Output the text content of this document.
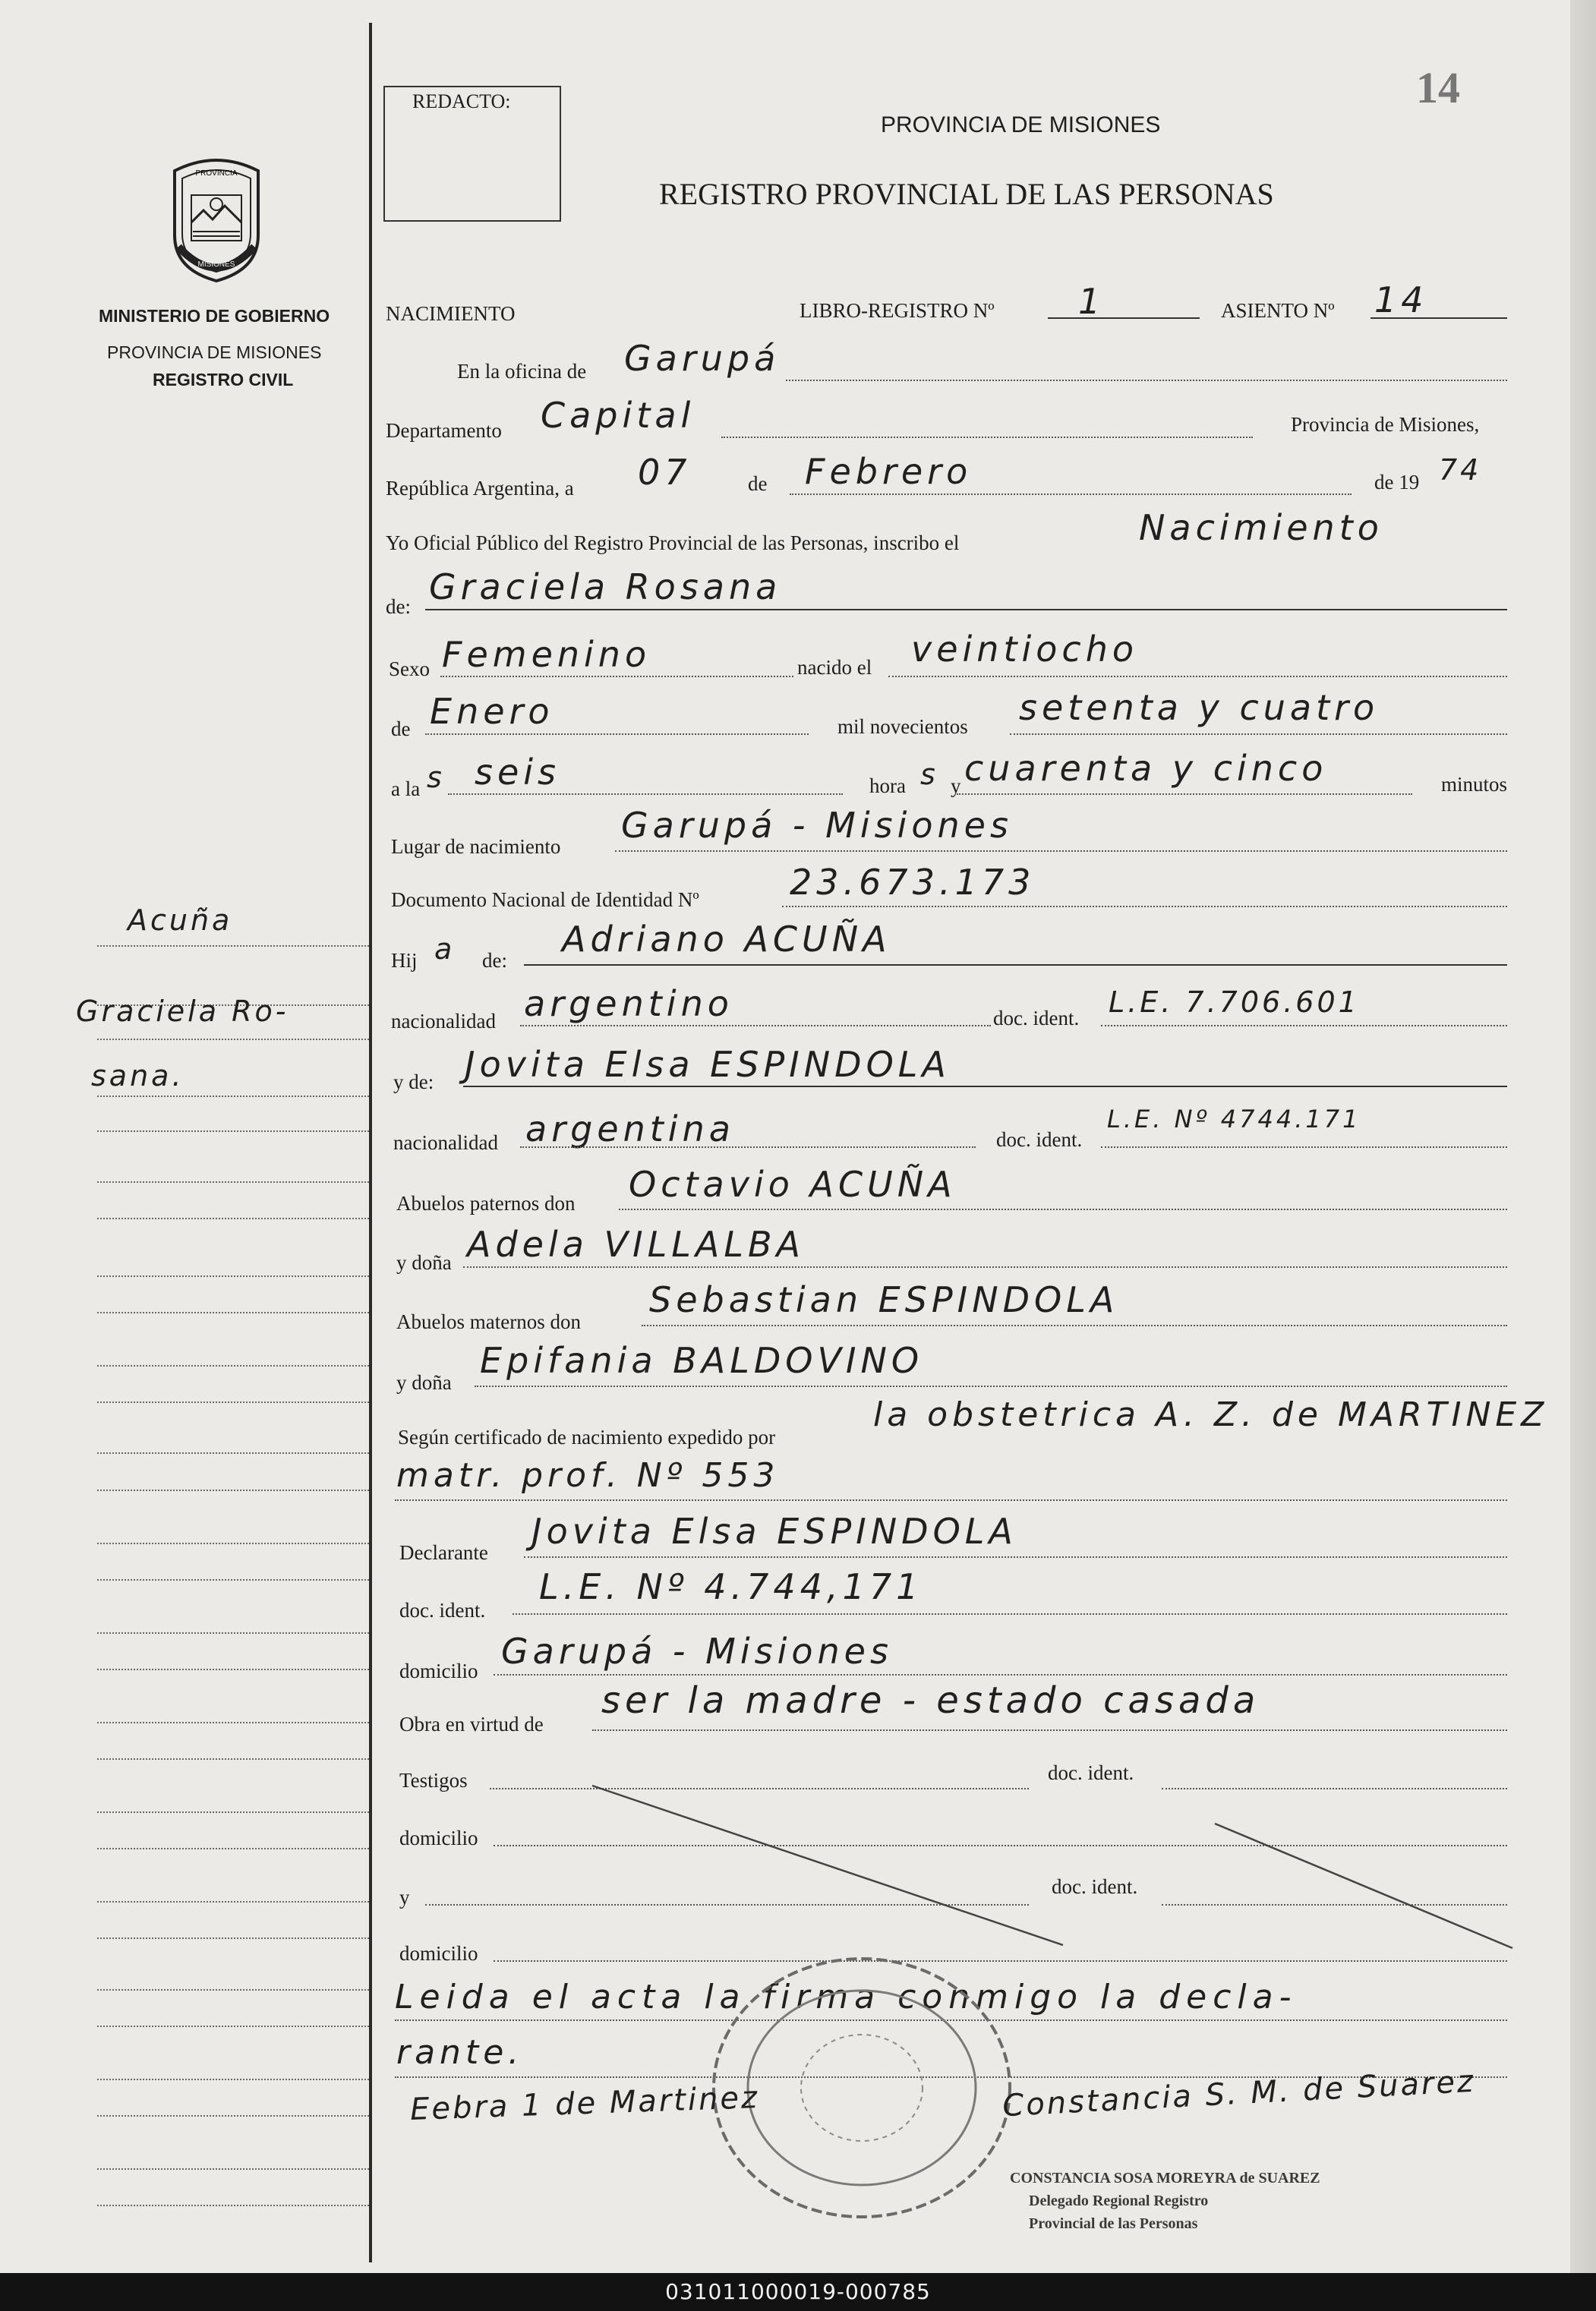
14
REDACTO:
PROVINCIA DE MISIONES
REGISTRO PROVINCIAL DE LAS PERSONAS
PROVINCIA
MISIONES
MINISTERIO DE GOBIERNO
PROVINCIA DE MISIONES
REGISTRO CIVIL
Acuña
Graciela Ro-
sana.
NACIMIENTO	LIBRO-REGISTRO Nº 1	ASIENTO Nº 14
En la oficina de Garupá
Departamento Capital	Provincia de Misiones,
República Argentina, a 07	de Febrero	de 19 74
Yo Oficial Público del Registro Provincial de las Personas, inscribo el	Nacimiento
de: Graciela Rosana
Sexo Femenino	nacido el veintiocho
de Enero	mil novecientos setenta y cuatro
a la s seis	hora s y cuarenta y cinco	minutos
Lugar de nacimiento
Garupá - Misiones
Documento Nacional de Identidad Nº	23.673.173
Hij a de:
Adriano ACUÑA
nacionalidad argentino	doc. ident. L.E. 7.706.601
y de: Jovita Elsa ESPINDOLA
nacionalidad argentina	doc. ident.
L.E. Nº 4744.171
Abuelos paternos don Octavio ACUÑA
y doña Adela VILLALBA
Abuelos maternos don
Sebastian ESPINDOLA
y doña
Epifania BALDOVINO
Según certificado de nacimiento expedido por
la obstetrica A. Z. de MARTINEZ
matr. prof. Nº 553
Declarante
Jovita Elsa ESPINDOLA
doc. ident.
L.E. Nº 4.744,171
domicilio Garupá - Misiones
Obra en virtud de
ser la madre - estado casada
Testigos	doc. ident.
domicilio
y	doc. ident.
domicilio
Leida el acta la firma conmigo la decla-
rante.
Eebra 1 de Martinez	Constancia S. M. de Suarez
CONSTANCIA SOSA MOREYRA de SUAREZ
Delegado Regional Registro
Provincial de las Personas
031011000019-000785
